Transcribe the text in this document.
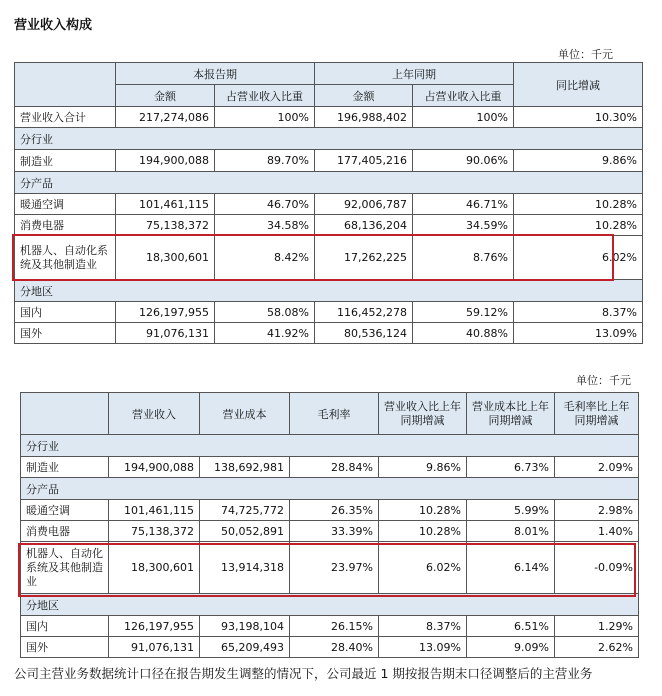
营业收入构成
单位：千元
	本报告期		上年同期		同比增减
	金额	占营业收入比重	金额	占营业收入比重	
营业收入合计	217,274,086	100%	196,988,402	100%	10.30%
分行业					
制造业	194,900,088	89.70%	177,405,216	90.06%	9.86%
分产品					
暖通空调	101,461,115	46.70%	92,006,787	46.71%	10.28%
消费电器	75,138,372	34.58%	68,136,204	34.59%	10.28%
机器人、自动化系统及其他制造业	18,300,601	8.42%	17,262,225	8.76%	6.02%
分地区					
国内	126,197,955	58.08%	116,452,278	59.12%	8.37%
国外	91,076,131	41.92%	80,536,124	40.88%	13.09%
单位：千元
	营业收入	营业成本	毛利率	营业收入比上年同期增减	营业成本比上年同期增减	毛利率比上年同期增减
分行业						
制造业	194,900,088	138,692,981	28.84%	9.86%	6.73%	2.09%
分产品						
暖通空调	101,461,115	74,725,772	26.35%	10.28%	5.99%	2.98%
消费电器	75,138,372	50,052,891	33.39%	10.28%	8.01%	1.40%
机器人、自动化系统及其他制造业	18,300,601	13,914,318	23.97%	6.02%	6.14%	-0.09%
分地区						
国内	126,197,955	93,198,104	26.15%	8.37%	6.51%	1.29%
国外	91,076,131	65,209,493	28.40%	13.09%	9.09%	2.62%
公司主营业务数据统计口径在报告期发生调整的情况下，公司最近 1 期按报告期末口径调整后的主营业务
